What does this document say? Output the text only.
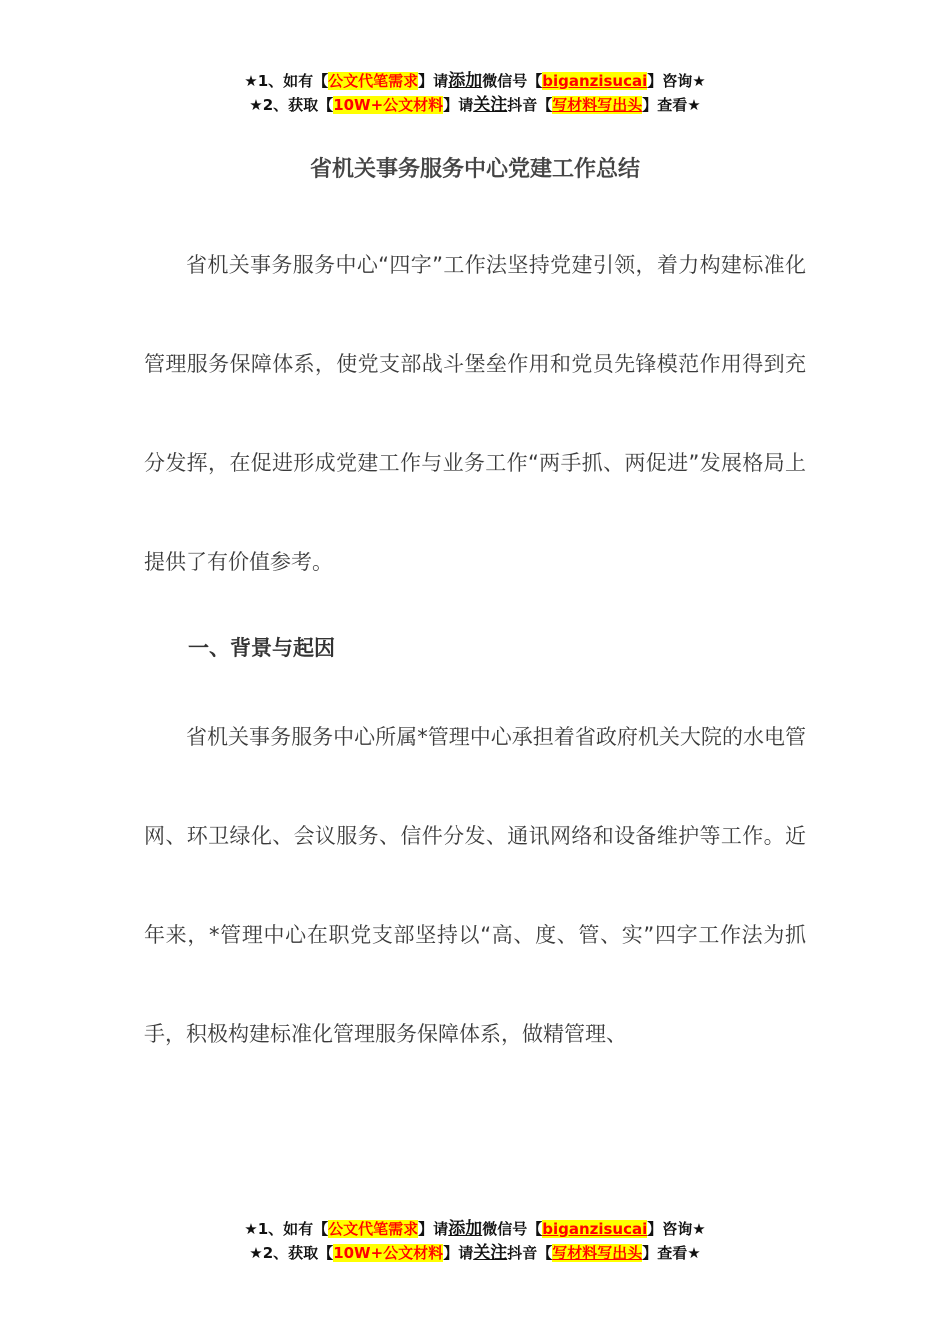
★1、如有【公文代笔需求】请添加微信号【biganzisucai】咨询★
★2、获取【10W+公文材料】请关注抖音【写材料写出头】查看★
省机关事务服务中心党建工作总结

省机关事务服务中心“四字”工作法坚持党建引领，着力构建标准化管理服务保障体系，使党支部战斗堡垒作用和党员先锋模范作用得到充分发挥，在促进形成党建工作与业务工作“两手抓、两促进”发展格局上提供了有价值参考。

一、背景与起因

省机关事务服务中心所属*管理中心承担着省政府机关大院的水电管网、环卫绿化、会议服务、信件分发、通讯网络和设备维护等工作。近年来，*管理中心在职党支部坚持以“高、度、管、实”四字工作法为抓手，积极构建标准化管理服务保障体系，做精管理、

★1、如有【公文代笔需求】请添加微信号【biganzisucai】咨询★
★2、获取【10W+公文材料】请关注抖音【写材料写出头】查看★
